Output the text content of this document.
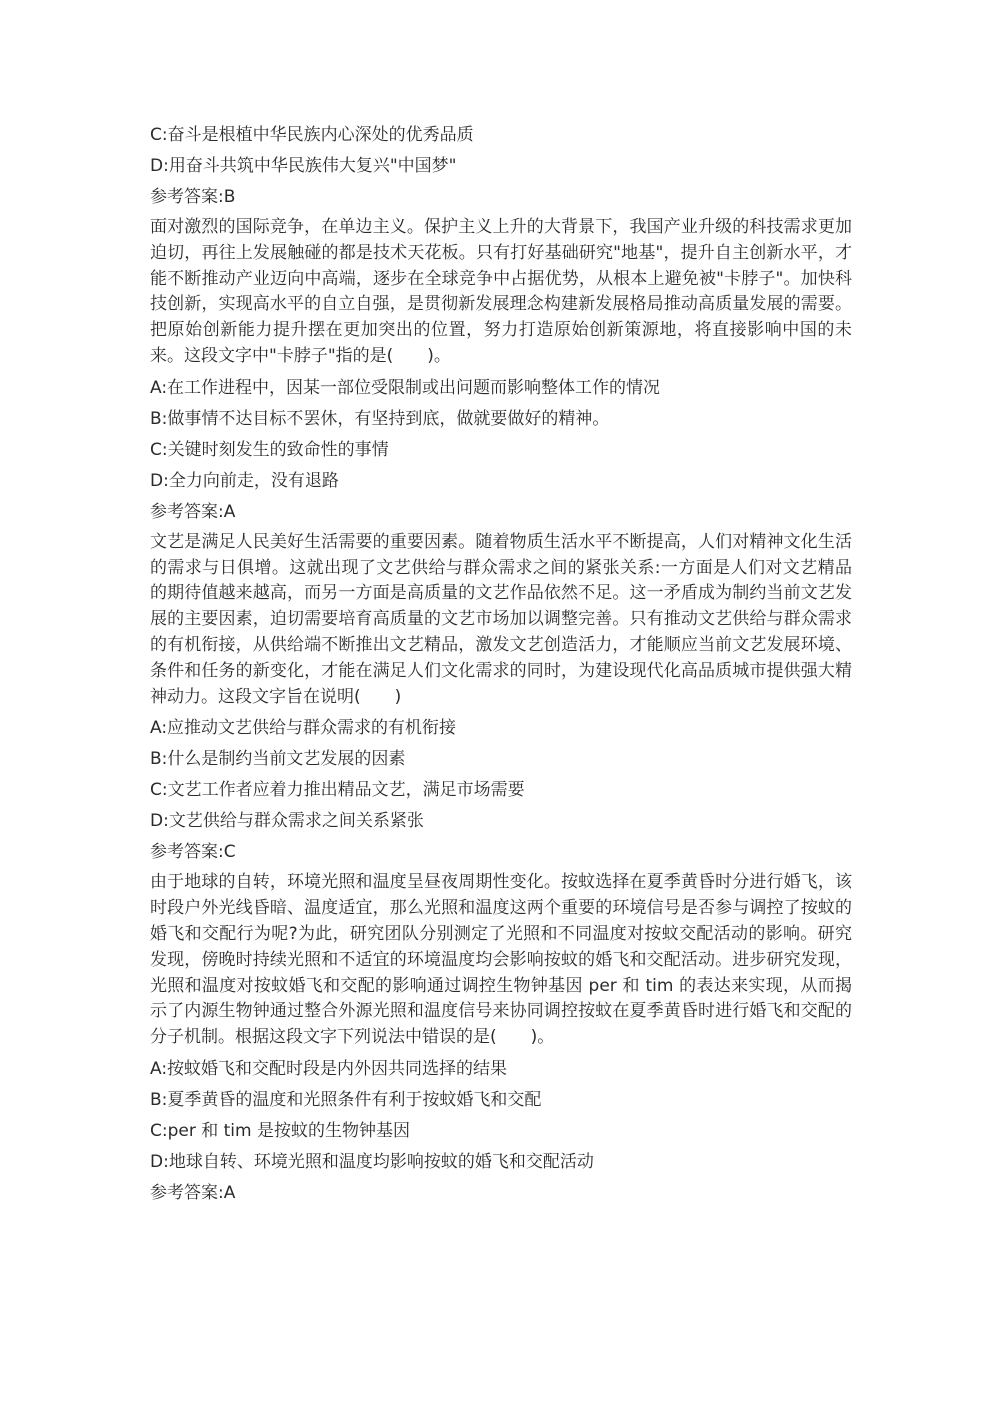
C:奋斗是根植中华民族内心深处的优秀品质

D:用奋斗共筑中华民族伟大复兴"中国梦"

参考答案:B

面对激烈的国际竞争，在单边主义。保护主义上升的大背景下，我国产业升级的科技需求更加迫切，再往上发展触碰的都是技术天花板。只有打好基础研究"地基"，提升自主创新水平，才能不断推动产业迈向中高端，逐步在全球竞争中占据优势，从根本上避免被"卡脖子"。加快科技创新，实现高水平的自立自强，是贯彻新发展理念构建新发展格局推动高质量发展的需要。把原始创新能力提升摆在更加突出的位置，努力打造原始创新策源地，将直接影响中国的未来。这段文字中"卡脖子"指的是(　　)。

A:在工作进程中，因某一部位受限制或出问题而影响整体工作的情况

B:做事情不达目标不罢休，有坚持到底，做就要做好的精神。

C:关键时刻发生的致命性的事情

D:全力向前走，没有退路

参考答案:A

文艺是满足人民美好生活需要的重要因素。随着物质生活水平不断提高，人们对精神文化生活的需求与日俱增。这就出现了文艺供给与群众需求之间的紧张关系:一方面是人们对文艺精品的期待值越来越高，而另一方面是高质量的文艺作品依然不足。这一矛盾成为制约当前文艺发展的主要因素，迫切需要培育高质量的文艺市场加以调整完善。只有推动文艺供给与群众需求的有机衔接，从供给端不断推出文艺精品，激发文艺创造活力，才能顺应当前文艺发展环境、条件和任务的新变化，才能在满足人们文化需求的同时，为建设现代化高品质城市提供强大精神动力。这段文字旨在说明(　　)

A:应推动文艺供给与群众需求的有机衔接

B:什么是制约当前文艺发展的因素

C:文艺工作者应着力推出精品文艺，满足市场需要

D:文艺供给与群众需求之间关系紧张

参考答案:C

由于地球的自转，环境光照和温度呈昼夜周期性变化。按蚊选择在夏季黄昏时分进行婚飞，该时段户外光线昏暗、温度适宜，那么光照和温度这两个重要的环境信号是否参与调控了按蚊的婚飞和交配行为呢?为此，研究团队分别测定了光照和不同温度对按蚊交配活动的影响。研究发现，傍晚时持续光照和不适宜的环境温度均会影响按蚊的婚飞和交配活动。进步研究发现，光照和温度对按蚊婚飞和交配的影响通过调控生物钟基因 per 和 tim 的表达来实现，从而揭示了内源生物钟通过整合外源光照和温度信号来协同调控按蚊在夏季黄昏时进行婚飞和交配的分子机制。根据这段文字下列说法中错误的是(　　)。

A:按蚊婚飞和交配时段是内外因共同选择的结果

B:夏季黄昏的温度和光照条件有利于按蚊婚飞和交配

C:per 和 tim 是按蚊的生物钟基因

D:地球自转、环境光照和温度均影响按蚊的婚飞和交配活动

参考答案:A
